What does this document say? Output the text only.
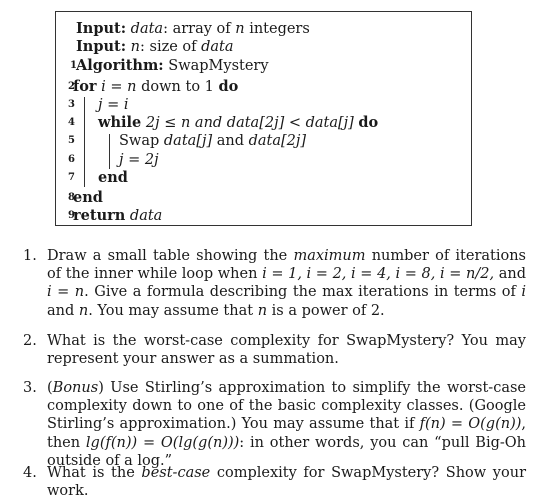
Input: data: array of n integers
Input: n: size of data
1 Algorithm: SwapMystery
2
for i = n down to 1 do
3 j = i
4 while 2j ≤ n and data[2j] < data[j] do
5	Swap data[j] and data[2j]
6	j = 2j
7 end
8
end
9
return data
1. Draw a small table showing the maximum number of iterations of the inner while loop when i = 1, i = 2, i = 4, i = 8, i = n/2, and i = n. Give a formula describing the max iterations in terms of i and n. You may assume that n is a power of 2.
2. What is the worst-case complexity for SwapMystery? You may represent your answer as a summation.
3. (Bonus) Use Stirling’s approximation to simplify the worst-case complexity down to one of the basic complexity classes. (Google Stirling’s approximation.) You may assume that if f(n) = O(g(n)), then lg(f(n)) = O(lg(g(n))): in other words, you can “pull Big-Oh outside of a log.”
4. What is the best-case complexity for SwapMystery? Show your work.
